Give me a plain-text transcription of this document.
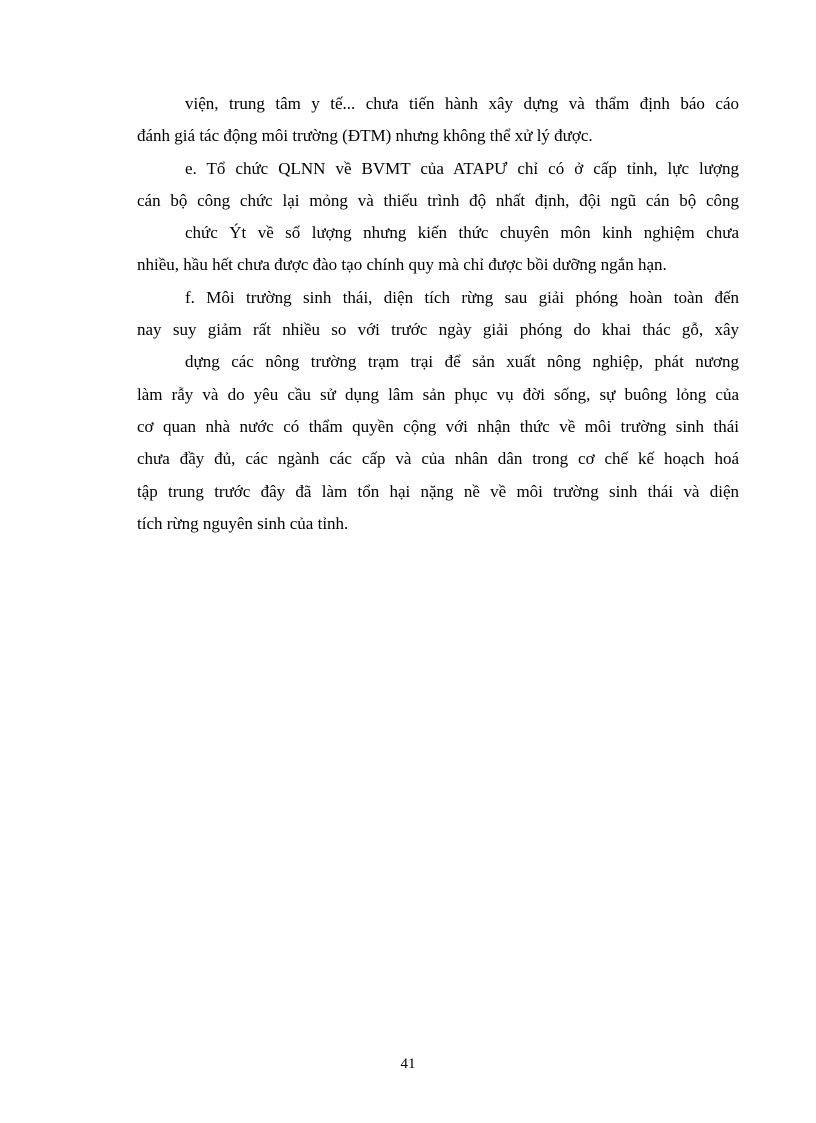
viện, trung tâm y tế... chưa tiến hành xây dựng và thẩm định báo cáo
đánh giá tác động môi trường (ĐTM) nhưng không thể xử lý được.
e. Tổ chức QLNN về BVMT của ATAPƯ chỉ có ở cấp tỉnh, lực lượng
cán bộ công chức lại mỏng và thiếu trình độ nhất định, đội ngũ cán bộ công
chức Ýt về số lượng nhưng kiến thức chuyên môn kinh nghiệm chưa
nhiều, hầu hết chưa được đào tạo chính quy mà chỉ được bồi dưỡng ngắn hạn.
f. Môi trường sinh thái, diện tích rừng sau giải phóng hoàn toàn đến
nay suy giảm rất nhiều so với trước ngày giải phóng do khai thác gỗ, xây
dựng các nông trường trạm trại để sản xuất nông nghiệp, phát nương
làm rẫy và do yêu cầu sử dụng lâm sản phục vụ đời sống, sự buông lỏng của
cơ quan nhà nước có thẩm quyền cộng với nhận thức về môi trường sinh thái
chưa đầy đủ, các ngành các cấp và của nhân dân trong cơ chế kế hoạch hoá
tập trung trước đây đã làm tổn hại nặng nề về môi trường sinh thái và diện
tích rừng nguyên sinh của tỉnh.
41
